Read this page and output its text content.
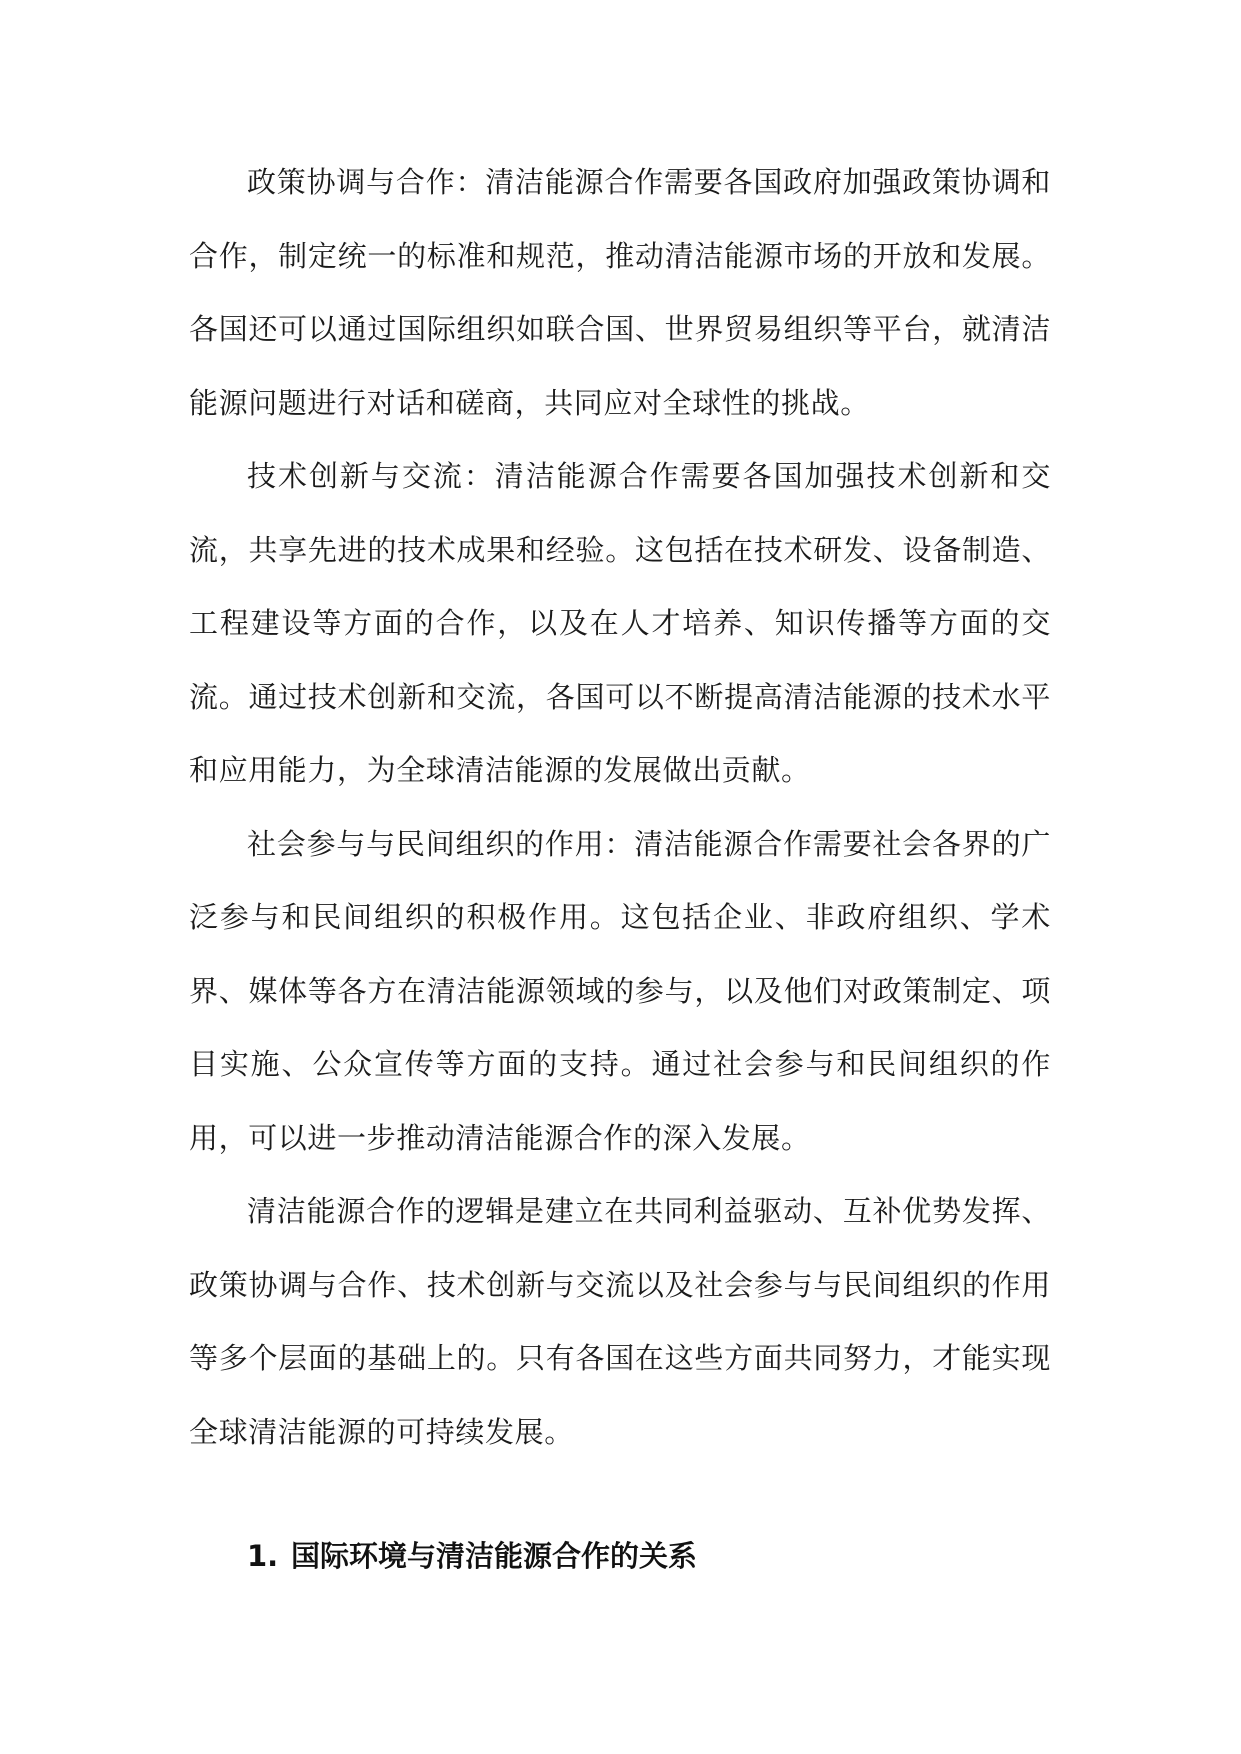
政策协调与合作：清洁能源合作需要各国政府加强政策协调和合作，制定统一的标准和规范，推动清洁能源市场的开放和发展。各国还可以通过国际组织如联合国、世界贸易组织等平台，就清洁能源问题进行对话和磋商，共同应对全球性的挑战。

技术创新与交流：清洁能源合作需要各国加强技术创新和交流，共享先进的技术成果和经验。这包括在技术研发、设备制造、工程建设等方面的合作，以及在人才培养、知识传播等方面的交流。通过技术创新和交流，各国可以不断提高清洁能源的技术水平和应用能力，为全球清洁能源的发展做出贡献。

社会参与与民间组织的作用：清洁能源合作需要社会各界的广泛参与和民间组织的积极作用。这包括企业、非政府组织、学术界、媒体等各方在清洁能源领域的参与，以及他们对政策制定、项目实施、公众宣传等方面的支持。通过社会参与和民间组织的作用，可以进一步推动清洁能源合作的深入发展。

清洁能源合作的逻辑是建立在共同利益驱动、互补优势发挥、政策协调与合作、技术创新与交流以及社会参与与民间组织的作用等多个层面的基础上的。只有各国在这些方面共同努力，才能实现全球清洁能源的可持续发展。

1. 国际环境与清洁能源合作的关系
